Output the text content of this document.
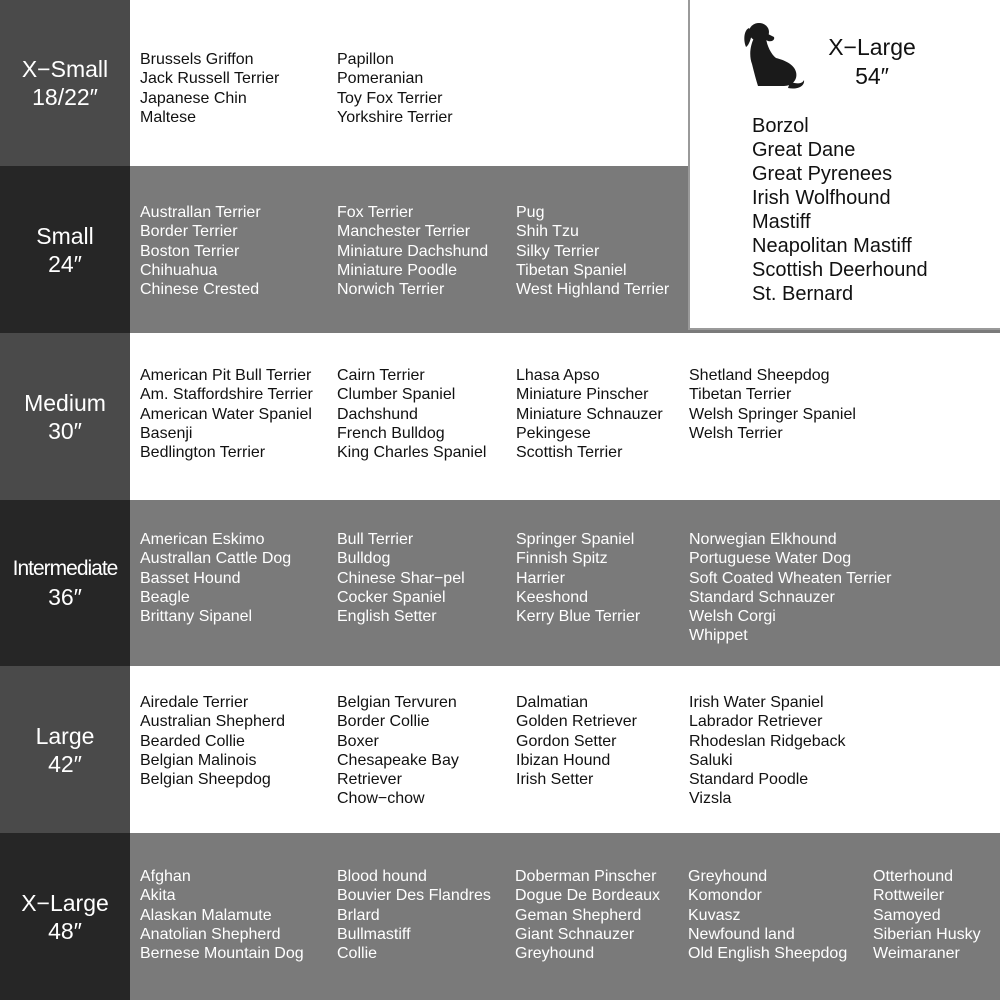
X−Small
18/22″
Brussels Griffon
Jack Russell Terrier
Japanese Chin
Maltese
Papillon
Pomeranian
Toy Fox Terrier
Yorkshire Terrier
Small
24″
Australlan Terrier
Border Terrier
Boston Terrier
Chihuahua
Chinese Crested
Fox Terrier
Manchester Terrier
Miniature Dachshund
Miniature Poodle
Norwich Terrier
Pug
Shih Tzu
Silky Terrier
Tibetan Spaniel
West Highland Terrier
X−Large
54″
Borzol
Great Dane
Great Pyrenees
Irish Wolfhound
Mastiff
Neapolitan Mastiff
Scottish Deerhound
St. Bernard
Medium
30″
American Pit Bull Terrier
Am. Staffordshire Terrier
American Water Spaniel
Basenji
Bedlington Terrier
Cairn Terrier
Clumber Spaniel
Dachshund
French Bulldog
King Charles Spaniel
Lhasa Apso
Miniature Pinscher
Miniature Schnauzer
Pekingese
Scottish Terrier
Shetland Sheepdog
Tibetan Terrier
Welsh Springer Spaniel
Welsh Terrier
Intermediate
36″
American Eskimo
Australlan Cattle Dog
Basset Hound
Beagle
Brittany Sipanel
Bull Terrier
Bulldog
Chinese Shar−pel
Cocker Spaniel
English Setter
Springer Spaniel
Finnish Spitz
Harrier
Keeshond
Kerry Blue Terrier
Norwegian Elkhound
Portuguese Water Dog
Soft Coated Wheaten Terrier
Standard Schnauzer
Welsh Corgi
Whippet
Large
42″
Airedale Terrier
Australian Shepherd
Bearded Collie
Belgian Malinois
Belgian Sheepdog
Belgian Tervuren
Border Collie
Boxer
Chesapeake Bay
Retriever
Chow−chow
Dalmatian
Golden Retriever
Gordon Setter
Ibizan Hound
Irish Setter
Irish Water Spaniel
Labrador Retriever
Rhodeslan Ridgeback
Saluki
Standard Poodle
Vizsla
X−Large
48″
Afghan
Akita
Alaskan Malamute
Anatolian Shepherd
Bernese Mountain Dog
Blood hound
Bouvier Des Flandres
Brlard
Bullmastiff
Collie
Doberman Pinscher
Dogue De Bordeaux
Geman Shepherd
Giant Schnauzer
Greyhound
Greyhound
Komondor
Kuvasz
Newfound land
Old English Sheepdog
Otterhound
Rottweiler
Samoyed
Siberian Husky
Weimaraner
